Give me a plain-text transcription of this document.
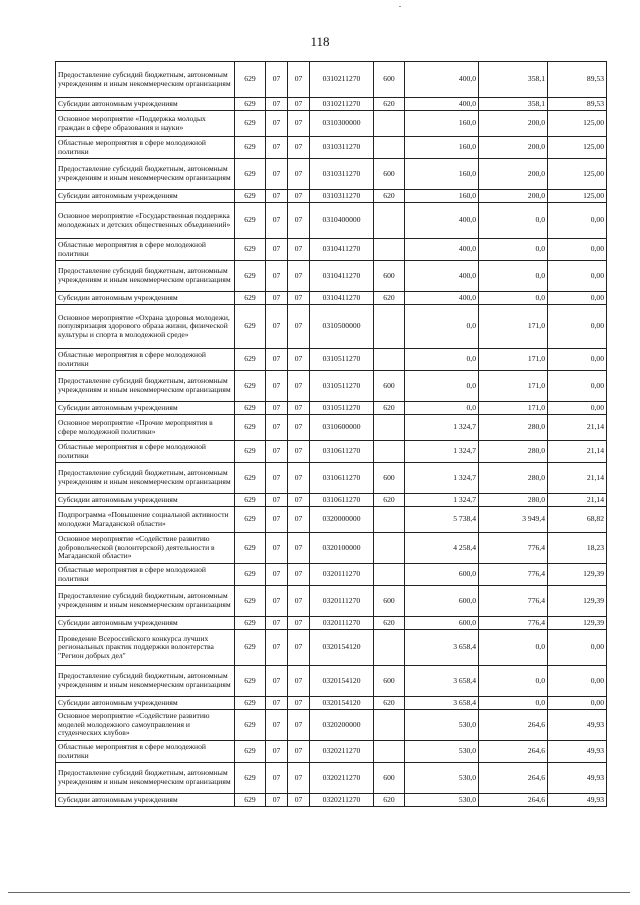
118
Предоставление субсидий бюджетным, автономным учреждениям и иным некоммерческим организациям	629	07	07	0310211270	600	400,0	358,1	89,53
Субсидии автономным учреждениям	629	07	07	0310211270	620	400,0	358,1	89,53
Основное мероприятие «Поддержка молодых граждан в сфере образования и науки»	629	07	07	0310300000		160,0	200,0	125,00
Областные мероприятия в сфере молодежной политики	629	07	07	0310311270		160,0	200,0	125,00
Предоставление субсидий бюджетным, автономным учреждениям и иным некоммерческим организациям	629	07	07	0310311270	600	160,0	200,0	125,00
Субсидии автономным учреждениям	629	07	07	0310311270	620	160,0	200,0	125,00
Основное мероприятие «Государственная поддержка молодежных и детских общественных объединений»	629	07	07	0310400000		400,0	0,0	0,00
Областные мероприятия в сфере молодежной политики	629	07	07	0310411270		400,0	0,0	0,00
Предоставление субсидий бюджетным, автономным учреждениям и иным некоммерческим организациям	629	07	07	0310411270	600	400,0	0,0	0,00
Субсидии автономным учреждениям	629	07	07	0310411270	620	400,0	0,0	0,00
Основное мероприятие «Охрана здоровья молодежи, популяризация здорового образа жизни, физической культуры и спорта в молодежной среде»	629	07	07	0310500000		0,0	171,0	0,00
Областные мероприятия в сфере молодежной политики	629	07	07	0310511270		0,0	171,0	0,00
Предоставление субсидий бюджетным, автономным учреждениям и иным некоммерческим организациям	629	07	07	0310511270	600	0,0	171,0	0,00
Субсидии автономным учреждениям	629	07	07	0310511270	620	0,0	171,0	0,00
Основное мероприятие «Прочие мероприятия в сфере молодежной политики»	629	07	07	0310600000		1 324,7	280,0	21,14
Областные мероприятия в сфере молодежной политики	629	07	07	0310611270		1 324,7	280,0	21,14
Предоставление субсидий бюджетным, автономным учреждениям и иным некоммерческим организациям	629	07	07	0310611270	600	1 324,7	280,0	21,14
Субсидии автономным учреждениям	629	07	07	0310611270	620	1 324,7	280,0	21,14
Подпрограмма «Повышение социальной активности молодежи Магаданской области»	629	07	07	0320000000		5 738,4	3 949,4	68,82
Основное мероприятие «Содействие развитию добровольческой (волонтерской) деятельности в Магаданской области»	629	07	07	0320100000		4 258,4	776,4	18,23
Областные мероприятия в сфере молодежной политики	629	07	07	0320111270		600,0	776,4	129,39
Предоставление субсидий бюджетным, автономным учреждениям и иным некоммерческим организациям	629	07	07	0320111270	600	600,0	776,4	129,39
Субсидии автономным учреждениям	629	07	07	0320111270	620	600,0	776,4	129,39
Проведение Всероссийского конкурса лучших региональных практик поддержки волонтерства "Регион добрых дел"	629	07	07	0320154120		3 658,4	0,0	0,00
Предоставление субсидий бюджетным, автономным учреждениям и иным некоммерческим организациям	629	07	07	0320154120	600	3 658,4	0,0	0,00
Субсидии автономным учреждениям	629	07	07	0320154120	620	3 658,4	0,0	0,00
Основное мероприятие «Содействие развитию моделей молодежного самоуправления и студенческих клубов»	629	07	07	0320200000		530,0	264,6	49,93
Областные мероприятия в сфере молодежной политики	629	07	07	0320211270		530,0	264,6	49,93
Предоставление субсидий бюджетным, автономным учреждениям и иным некоммерческим организациям	629	07	07	0320211270	600	530,0	264,6	49,93
Субсидии автономным учреждениям	629	07	07	0320211270	620	530,0	264,6	49,93
